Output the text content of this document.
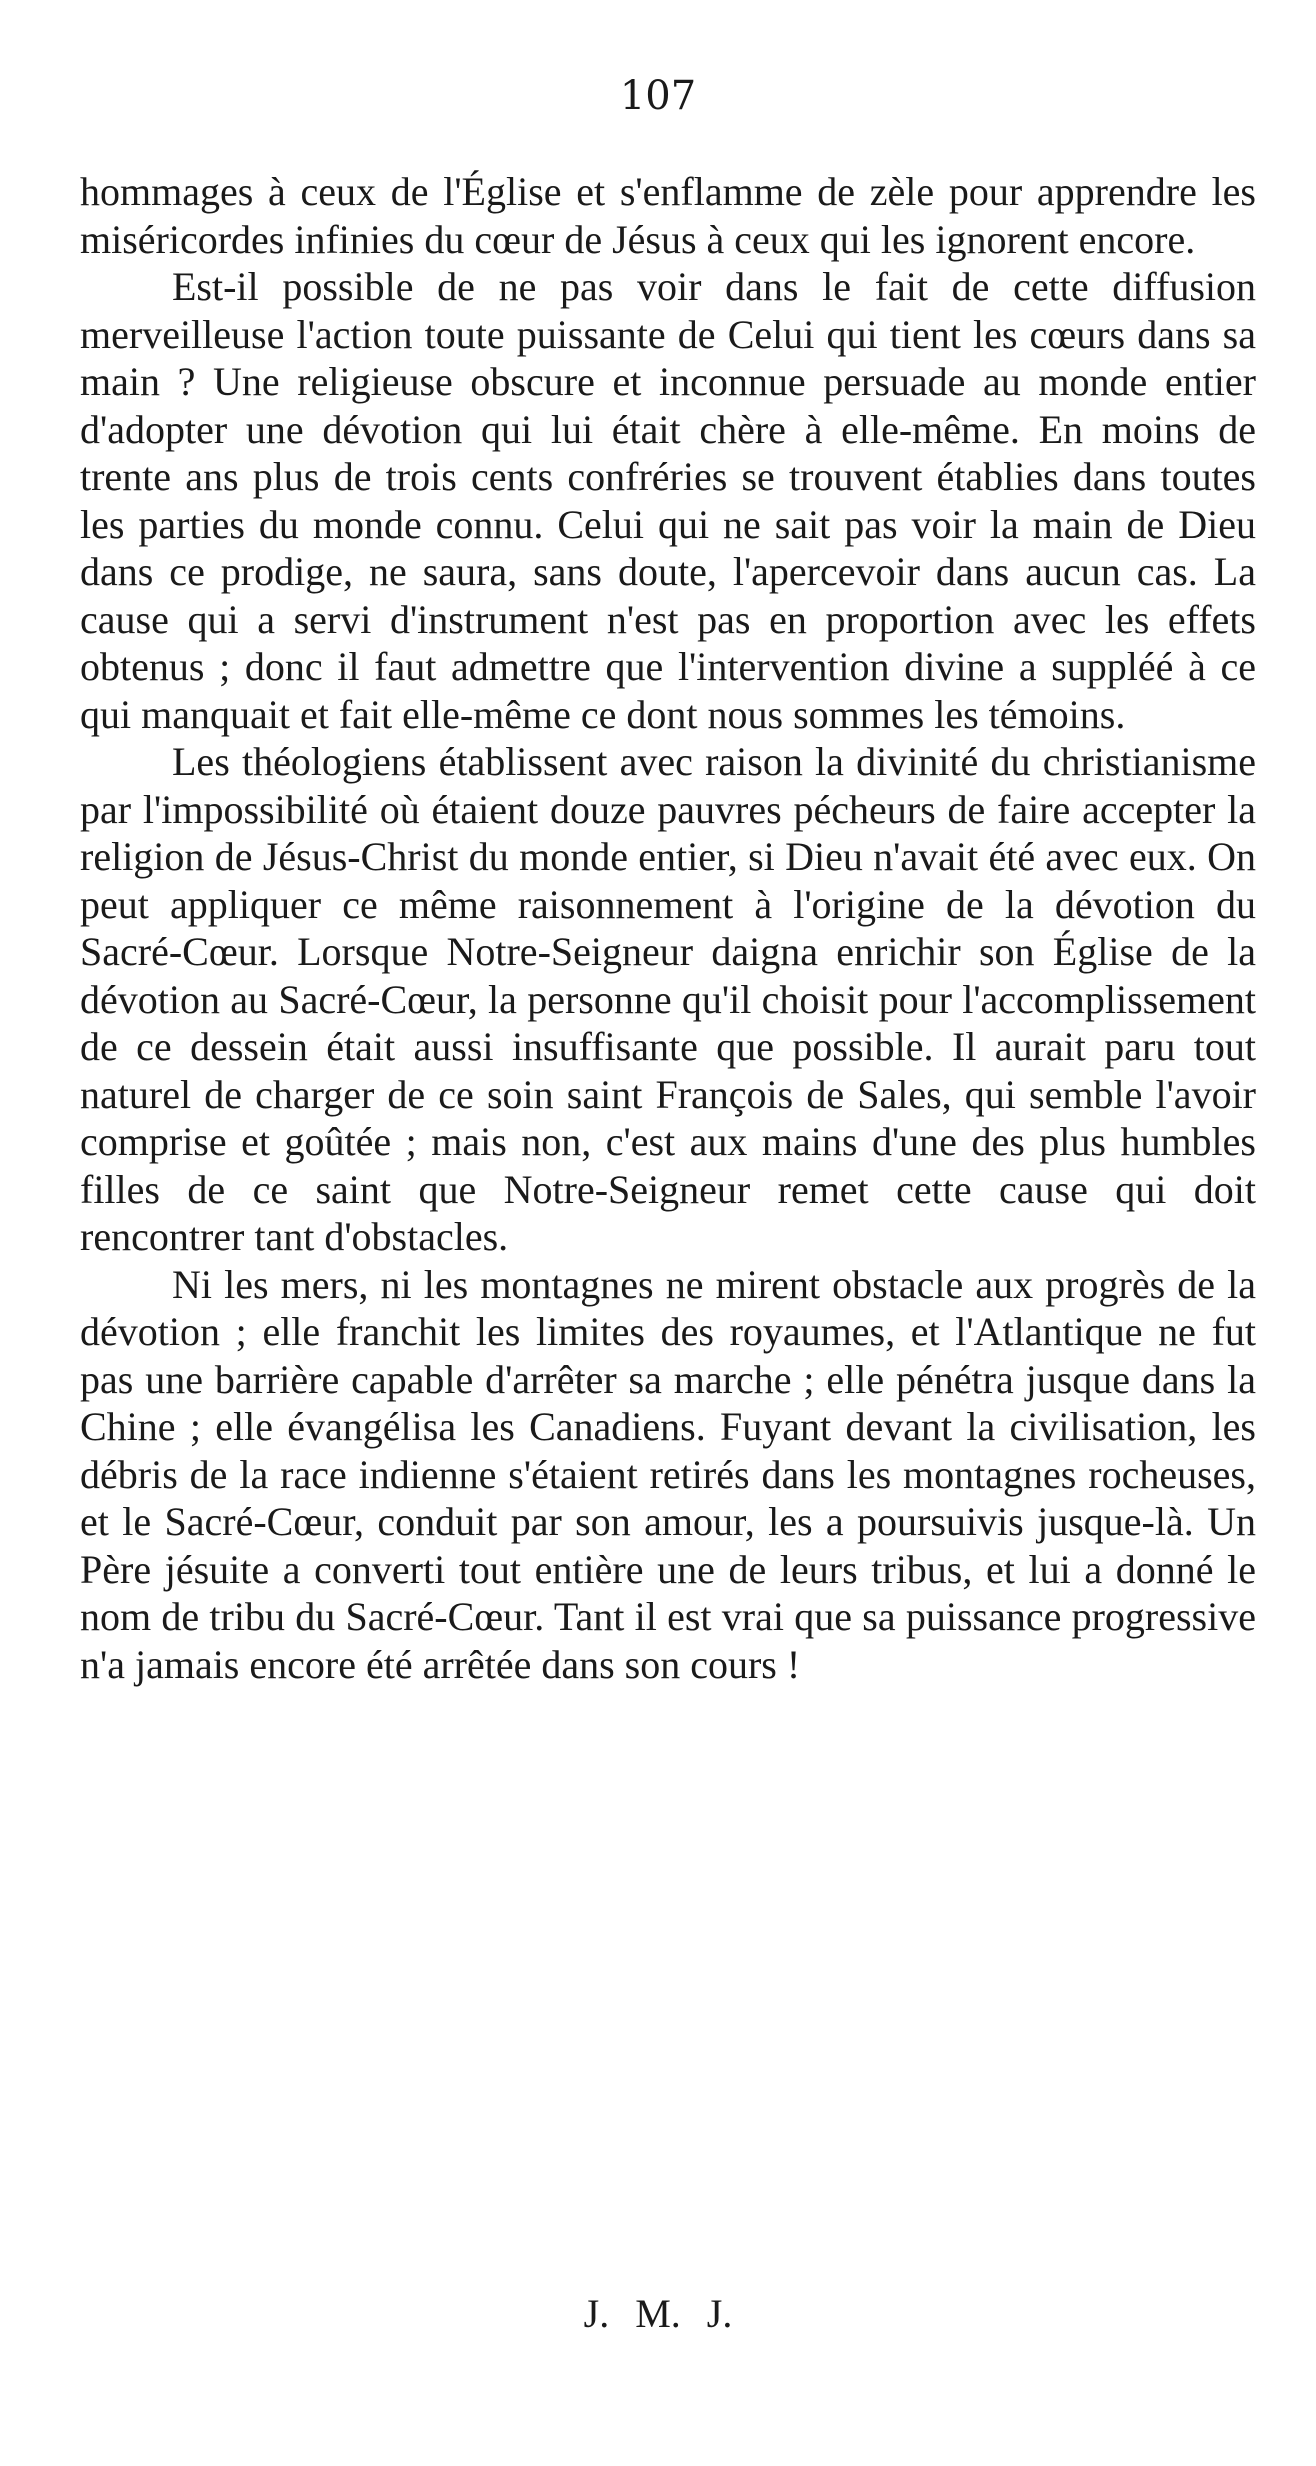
107

hommages à ceux de l'Église et s'enflamme de zèle pour apprendre les miséricordes infinies du cœur de Jésus à ceux qui les ignorent encore.

Est-il possible de ne pas voir dans le fait de cette diffusion merveilleuse l'action toute puissante de Celui qui tient les cœurs dans sa main ? Une religieuse obscure et inconnue persuade au monde entier d'adopter une dévotion qui lui était chère à elle-même. En moins de trente ans plus de trois cents confréries se trouvent établies dans toutes les parties du monde connu. Celui qui ne sait pas voir la main de Dieu dans ce prodige, ne saura, sans doute, l'apercevoir dans aucun cas. La cause qui a servi d'instrument n'est pas en proportion avec les effets obtenus ; donc il faut admettre que l'intervention divine a suppléé à ce qui manquait et fait elle-même ce dont nous sommes les témoins.

Les théologiens établissent avec raison la divinité du christianisme par l'impossibilité où étaient douze pauvres pécheurs de faire accepter la religion de Jésus-Christ du monde entier, si Dieu n'avait été avec eux. On peut appliquer ce même raisonnement à l'origine de la dévotion du Sacré-Cœur. Lorsque Notre-Seigneur daigna enrichir son Église de la dévotion au Sacré-Cœur, la personne qu'il choisit pour l'accomplissement de ce dessein était aussi insuffisante que possible. Il aurait paru tout naturel de charger de ce soin saint François de Sales, qui semble l'avoir comprise et goûtée ; mais non, c'est aux mains d'une des plus humbles filles de ce saint que Notre-Seigneur remet cette cause qui doit rencontrer tant d'obstacles.

Ni les mers, ni les montagnes ne mirent obstacle aux progrès de la dévotion ; elle franchit les limites des royaumes, et l'Atlantique ne fut pas une barrière capable d'arrêter sa marche ; elle pénétra jusque dans la Chine ; elle évangélisa les Canadiens. Fuyant devant la civilisation, les débris de la race indienne s'étaient retirés dans les montagnes rocheuses, et le Sacré-Cœur, conduit par son amour, les a poursuivis jusque-là. Un Père jésuite a converti tout entière une de leurs tribus, et lui a donné le nom de tribu du Sacré-Cœur. Tant il est vrai que sa puissance progressive n'a jamais encore été arrêtée dans son cours !

J. M. J.
